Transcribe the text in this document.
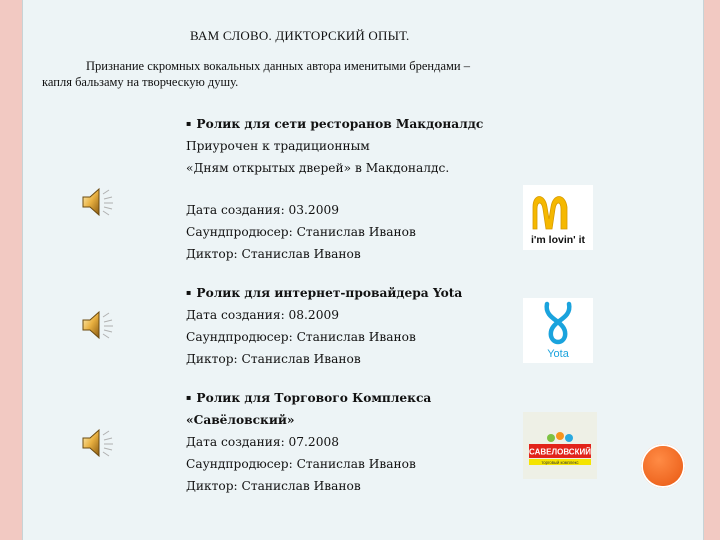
ВАМ СЛОВО. ДИКТОРСКИЙ ОПЫТ.
Признание скромных вокальных данных автора именитыми брендами –
капля бальзаму на творческую душу.
▪ Ролик для сети ресторанов Макдоналдс
Приурочен к традиционным
«Дням открытых дверей» в Макдоналдс.
Дата создания: 03.2009
Саундпродюсер: Станислав Иванов
Диктор: Станислав Иванов
▪ Ролик для интернет-провайдера Yota
Дата создания: 08.2009
Саундпродюсер: Станислав Иванов
Диктор: Станислав Иванов
▪ Ролик для Торгового Комплекса
«Савёловский»
Дата создания: 07.2008
Саундпродюсер: Станислав Иванов
Диктор: Станислав Иванов
i'm lovin' it
Yota
САВЕЛОВСКИЙ
торговый комплекс
